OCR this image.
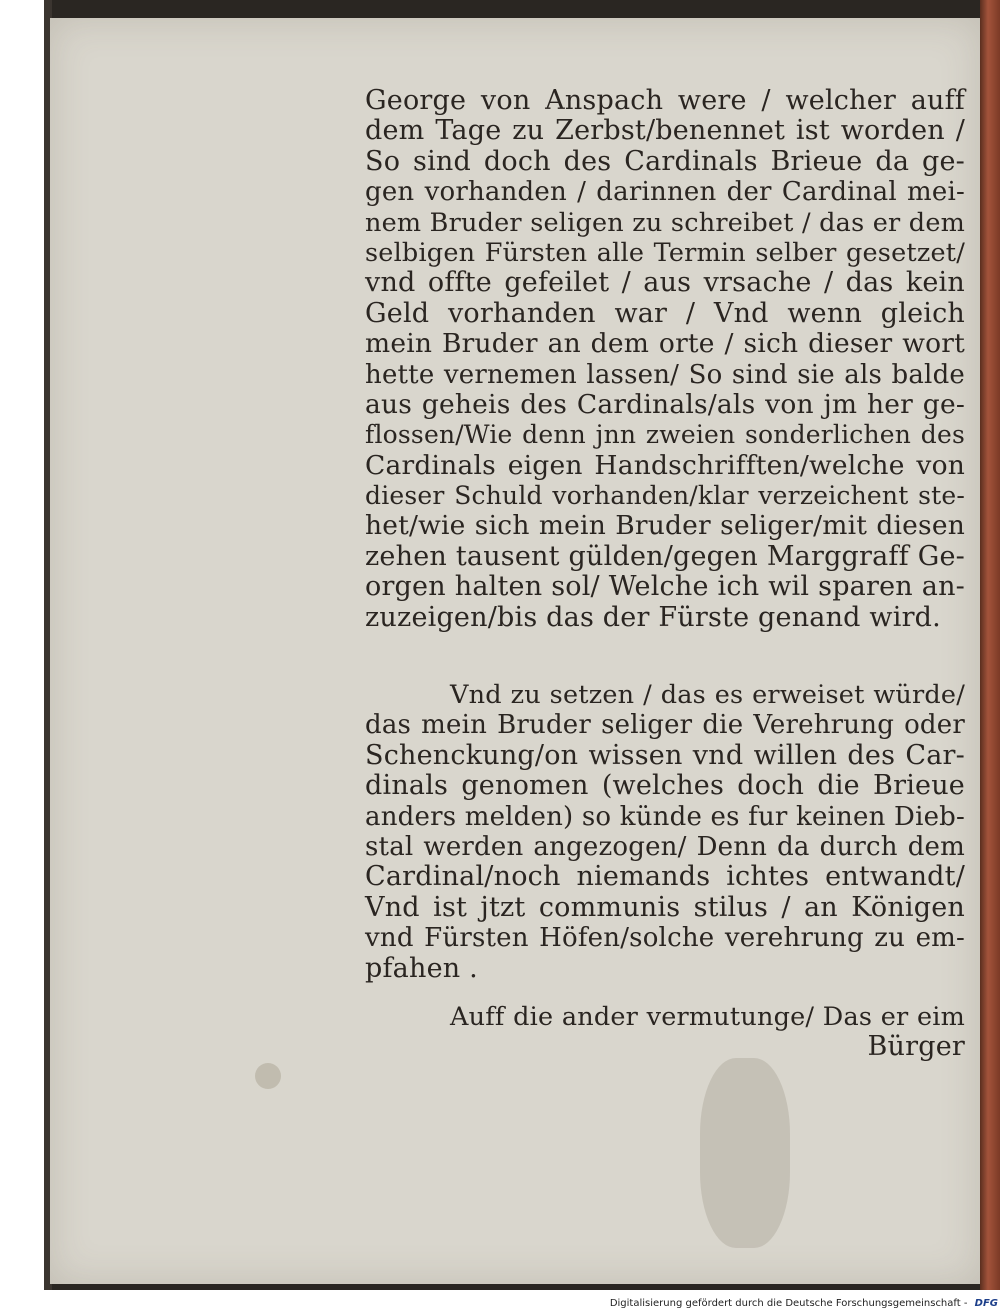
George von Anspach were / welcher auff
dem Tage zu Zerbst/benennet ist worden /
So sind doch des Cardinals Brieue da ge-
gen vorhanden / darinnen der Cardinal mei-
nem Bruder seligen zu schreibet / das er dem
selbigen Fürsten alle Termin selber gesetzet/
vnd offte gefeilet / aus vrsache / das kein
Geld vorhanden war / Vnd wenn gleich
mein Bruder an dem orte / sich dieser wort
hette vernemen lassen/ So sind sie als balde
aus geheis des Cardinals/als von jm her ge-
flossen/Wie denn jnn zweien sonderlichen des
Cardinals eigen Handschrifften/welche von
dieser Schuld vorhanden/klar verzeichent ste-
het/wie sich mein Bruder seliger/mit diesen
zehen tausent gülden/gegen Marggraff Ge-
orgen halten sol/ Welche ich wil sparen an-
zuzeigen/bis das der Fürste genand wird.
Vnd zu setzen / das es erweiset würde/
das mein Bruder seliger die Verehrung oder
Schenckung/on wissen vnd willen des Car-
dinals genomen (welches doch die Brieue
anders melden) so künde es fur keinen Dieb-
stal werden angezogen/ Denn da durch dem
Cardinal/noch niemands ichtes entwandt/
Vnd ist jtzt communis stilus / an Königen
vnd Fürsten Höfen/solche verehrung zu em-
pfahen .
Auff die ander vermutunge/ Das er eim
Bürger
Digitalisierung gefördert durch die Deutsche Forschungsgemeinschaft - DFG
